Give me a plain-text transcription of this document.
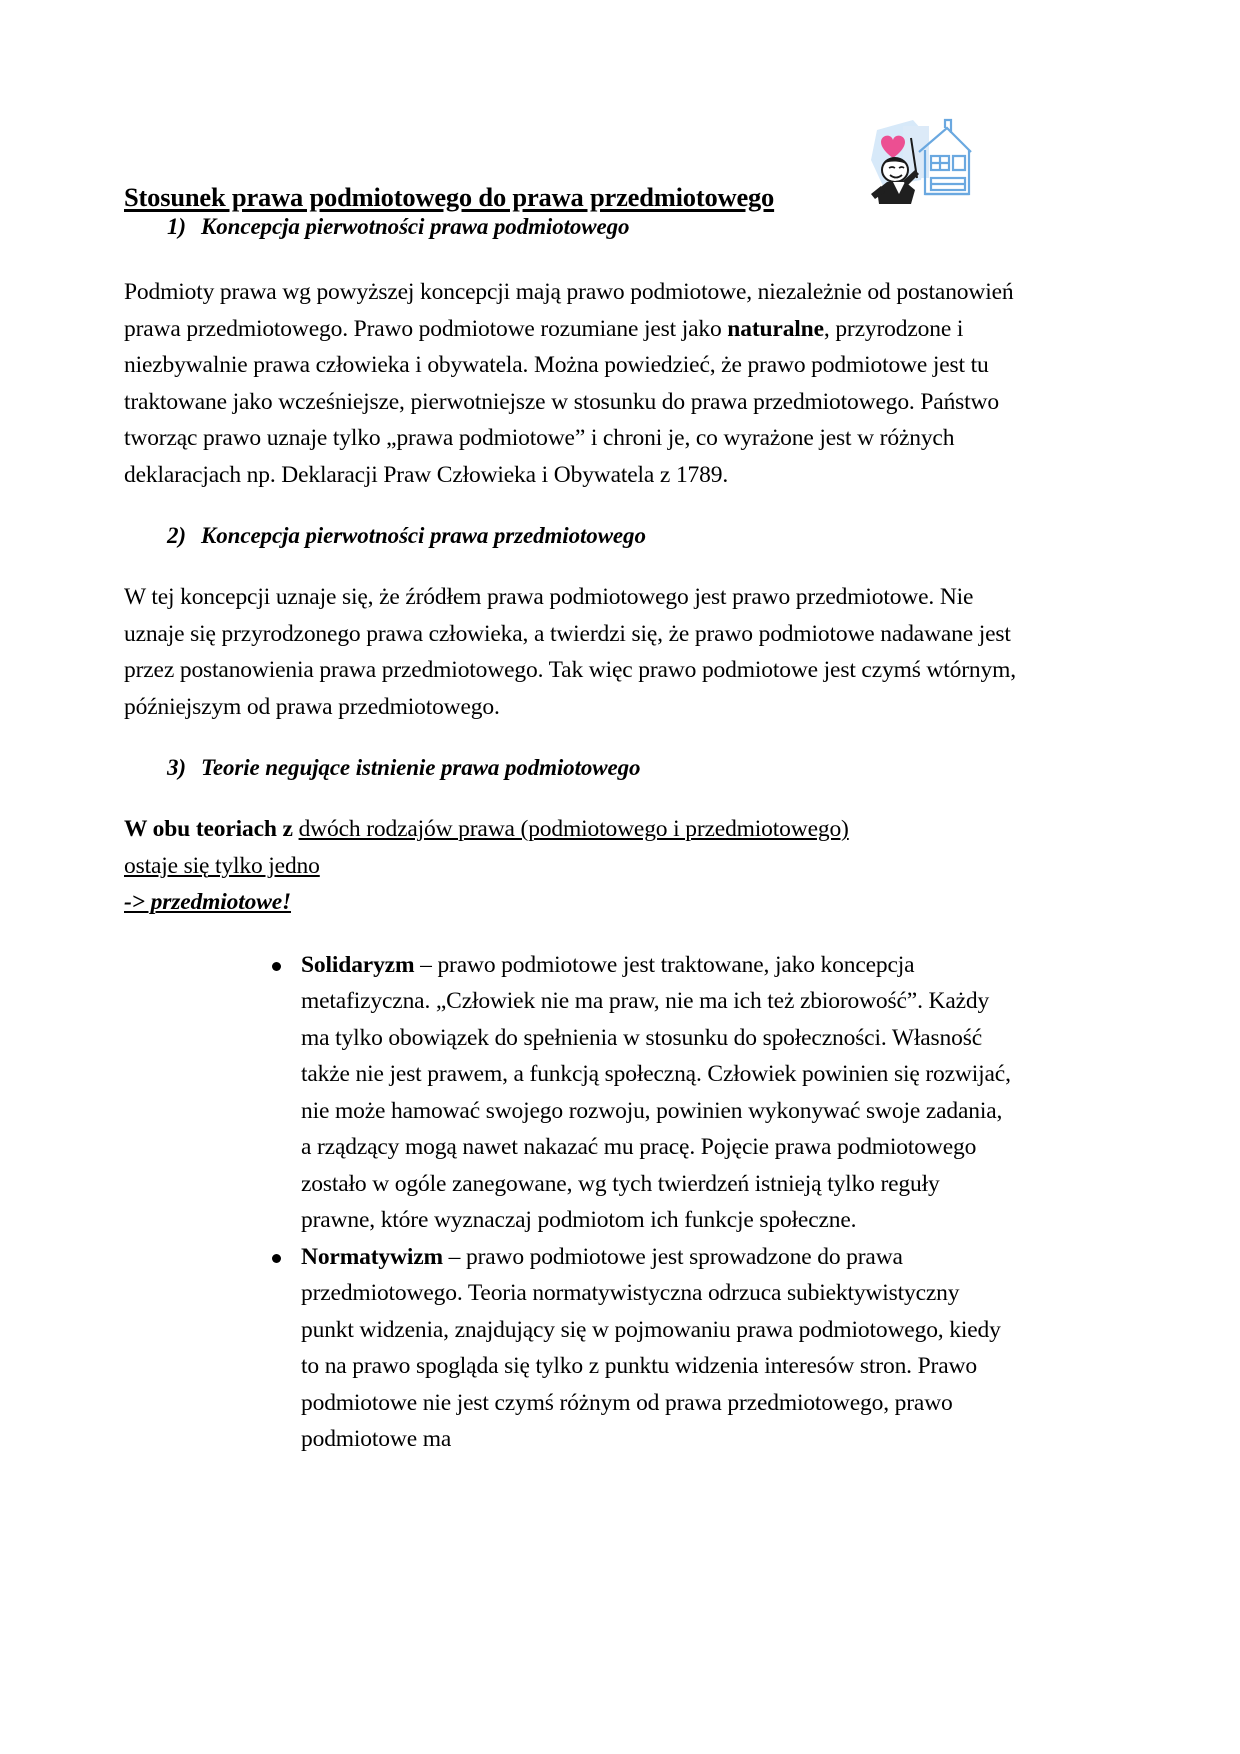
Stosunek prawa podmiotowego do prawa przedmiotowego

1) Koncepcja pierwotności prawa podmiotowego

Podmioty prawa wg powyższej koncepcji mają prawo podmiotowe, niezależnie od postanowień prawa przedmiotowego. Prawo podmiotowe rozumiane jest jako naturalne, przyrodzone i niezbywalnie prawa człowieka i obywatela. Można powiedzieć, że prawo podmiotowe jest tu traktowane jako wcześniejsze, pierwotniejsze w stosunku do prawa przedmiotowego. Państwo tworząc prawo uznaje tylko „prawa podmiotowe” i chroni je, co wyrażone jest w różnych deklaracjach np. Deklaracji Praw Człowieka i Obywatela z 1789.

2) Koncepcja pierwotności prawa przedmiotowego

W tej koncepcji uznaje się, że źródłem prawa podmiotowego jest prawo przedmiotowe. Nie uznaje się przyrodzonego prawa człowieka, a twierdzi się, że prawo podmiotowe nadawane jest przez postanowienia prawa przedmiotowego. Tak więc prawo podmiotowe jest czymś wtórnym, późniejszym od prawa przedmiotowego.

3) Teorie negujące istnienie prawa podmiotowego

W obu teoriach z dwóch rodzajów prawa (podmiotowego i przedmiotowego)
ostaje się tylko jedno
-> przedmiotowe!

Solidaryzm – prawo podmiotowe jest traktowane, jako koncepcja metafizyczna. „Człowiek nie ma praw, nie ma ich też zbiorowość”. Każdy ma tylko obowiązek do spełnienia w stosunku do społeczności. Własność także nie jest prawem, a funkcją społeczną. Człowiek powinien się rozwijać, nie może hamować swojego rozwoju, powinien wykonywać swoje zadania, a rządzący mogą nawet nakazać mu pracę. Pojęcie prawa podmiotowego zostało w ogóle zanegowane, wg tych twierdzeń istnieją tylko reguły prawne, które wyznaczaj podmiotom ich funkcje społeczne.
Normatywizm – prawo podmiotowe jest sprowadzone do prawa przedmiotowego. Teoria normatywistyczna odrzuca subiektywistyczny punkt widzenia, znajdujący się w pojmowaniu prawa podmiotowego, kiedy to na prawo spogląda się tylko z punktu widzenia interesów stron. Prawo podmiotowe nie jest czymś różnym od prawa przedmiotowego, prawo podmiotowe ma
